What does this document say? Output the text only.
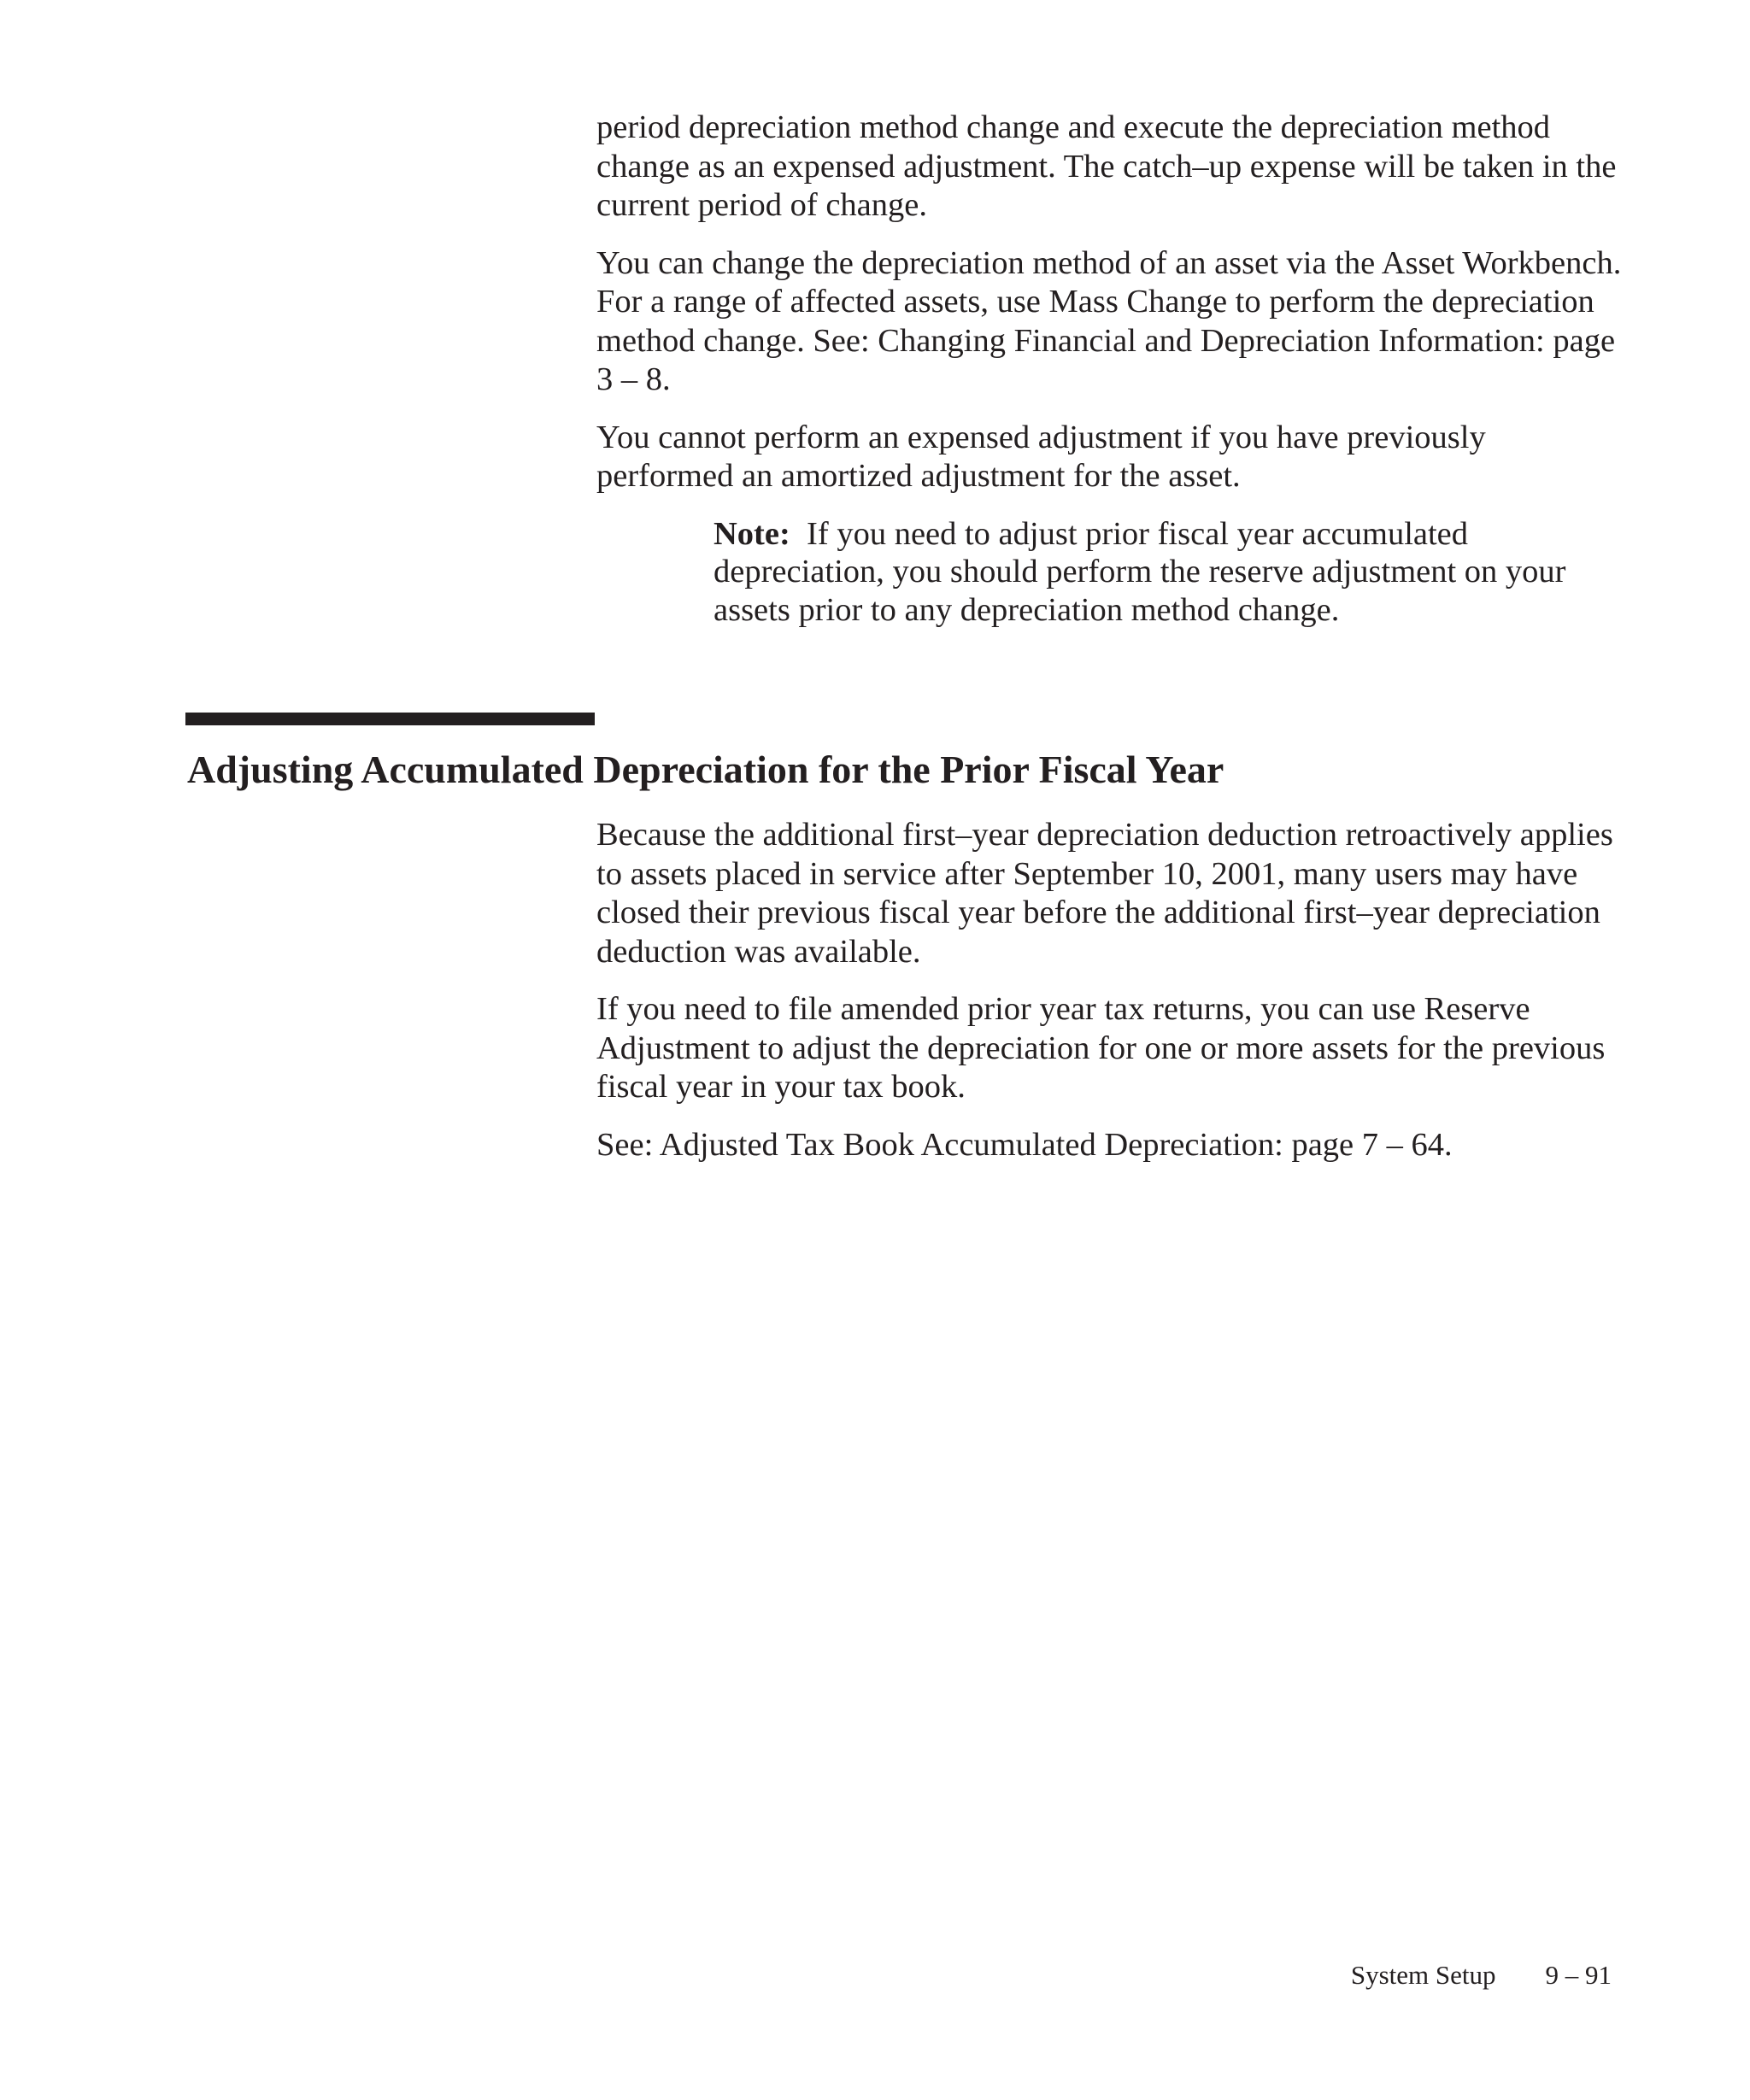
period depreciation method change and execute the depreciation method change as an expensed adjustment. The catch–up expense will be taken in the current period of change.

You can change the depreciation method of an asset via the Asset Workbench. For a range of affected assets, use Mass Change to perform the depreciation method change. See: Changing Financial and Depreciation Information: page 3 – 8.

You cannot perform an expensed adjustment if you have previously performed an amortized adjustment for the asset.

Note: If you need to adjust prior fiscal year accumulated depreciation, you should perform the reserve adjustment on your assets prior to any depreciation method change.

Adjusting Accumulated Depreciation for the Prior Fiscal Year

Because the additional first–year depreciation deduction retroactively applies to assets placed in service after September 10, 2001, many users may have closed their previous fiscal year before the additional first–year depreciation deduction was available.

If you need to file amended prior year tax returns, you can use Reserve Adjustment to adjust the depreciation for one or more assets for the previous fiscal year in your tax book.

See: Adjusted Tax Book Accumulated Depreciation: page 7 – 64.

System Setup 9 – 91
